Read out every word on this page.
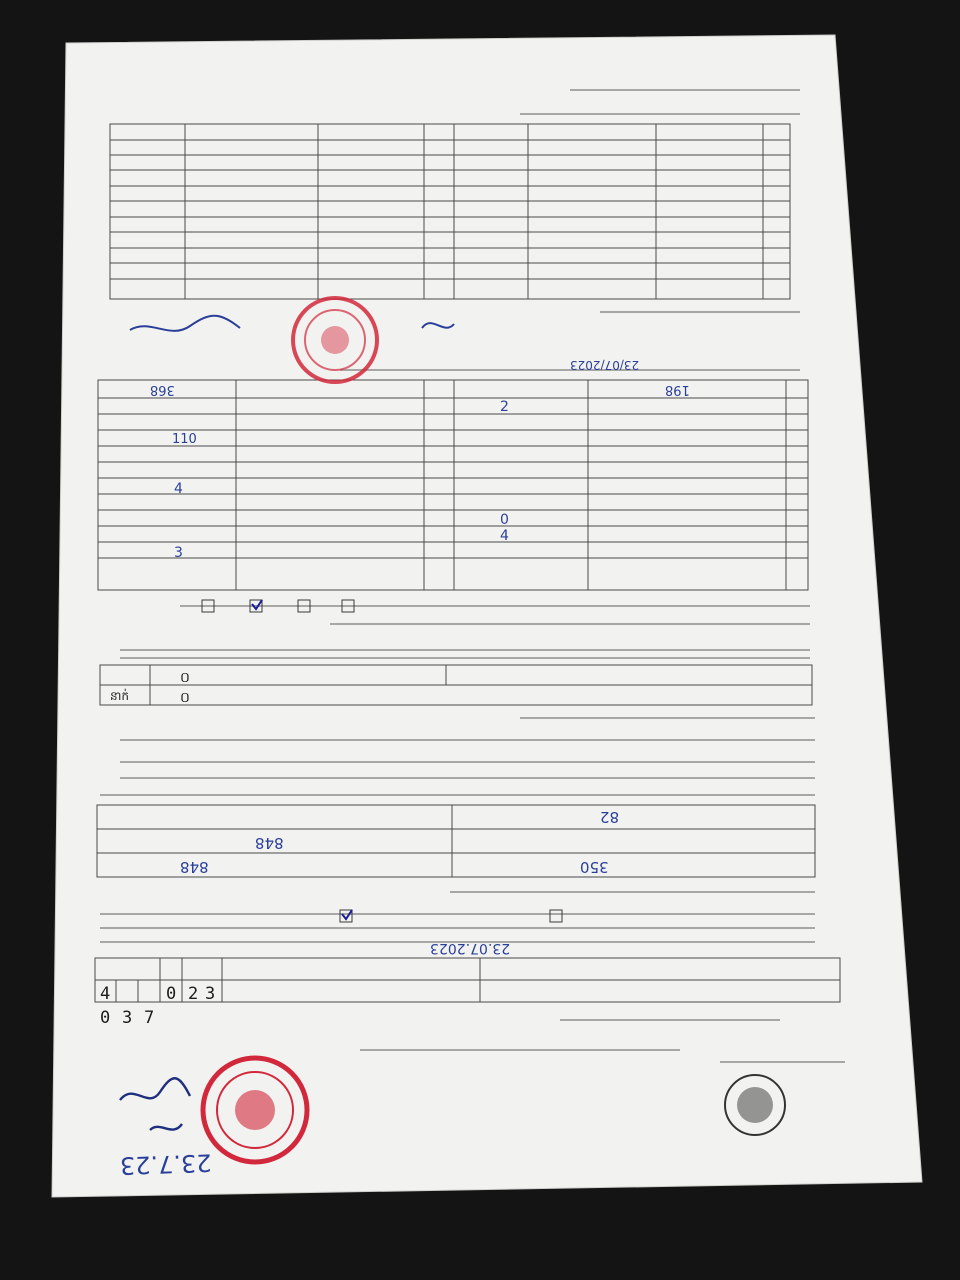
23.7.23
0 3 7
4	0 2 3
23.07.2023
350
848
82
848
០
នាក់
០
3
0
4
4
2
110
198
368
23/07/2023
